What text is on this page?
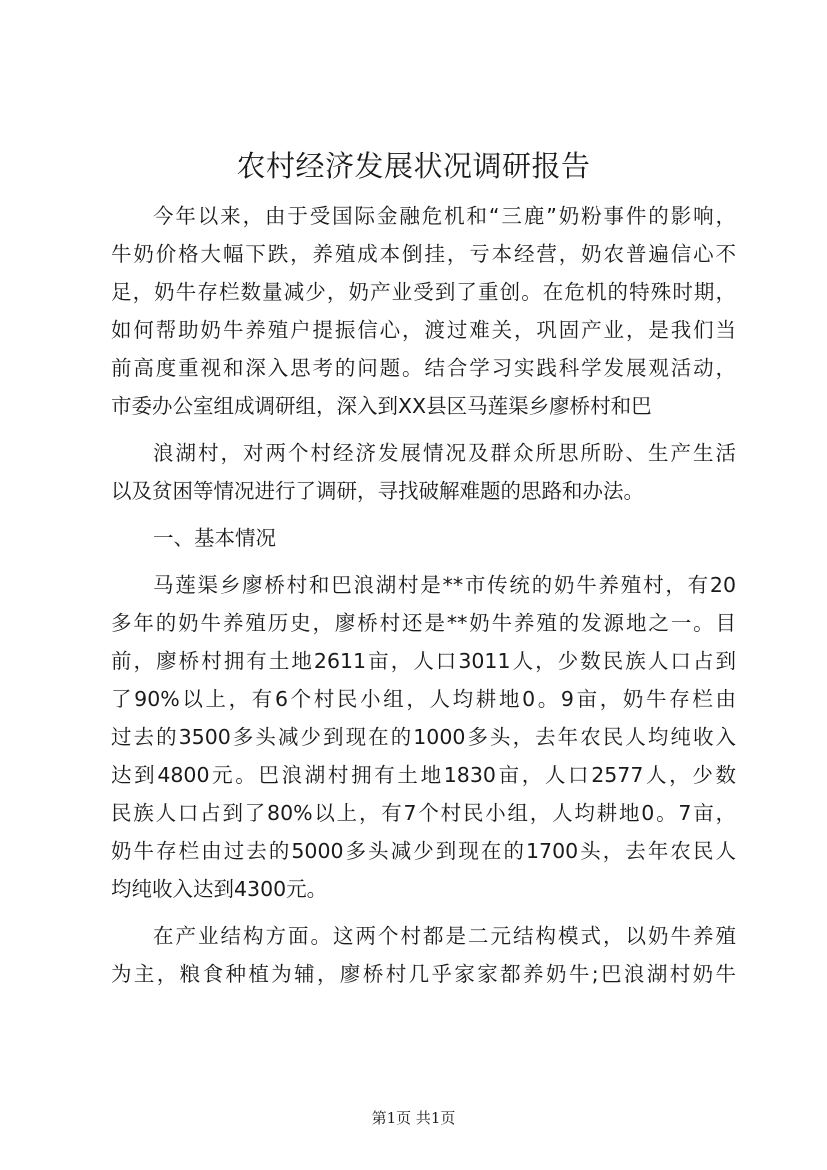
农村经济发展状况调研报告
今年以来，由于受国际金融危机和“三鹿”奶粉事件的影响，
牛奶价格大幅下跌，养殖成本倒挂，亏本经营，奶农普遍信心不
足，奶牛存栏数量减少，奶产业受到了重创。在危机的特殊时期，
如何帮助奶牛养殖户提振信心，渡过难关，巩固产业，是我们当
前高度重视和深入思考的问题。结合学习实践科学发展观活动，
市委办公室组成调研组，深入到XX县区马莲渠乡廖桥村和巴
浪湖村，对两个村经济发展情况及群众所思所盼、生产生活
以及贫困等情况进行了调研，寻找破解难题的思路和办法。
一、基本情况
马莲渠乡廖桥村和巴浪湖村是**市传统的奶牛养殖村，有20
多年的奶牛养殖历史，廖桥村还是**奶牛养殖的发源地之一。目
前，廖桥村拥有土地2611亩，人口3011人，少数民族人口占到
了90%以上，有6个村民小组，人均耕地0。9亩，奶牛存栏由
过去的3500多头减少到现在的1000多头，去年农民人均纯收入
达到4800元。巴浪湖村拥有土地1830亩，人口2577人，少数
民族人口占到了80%以上，有7个村民小组，人均耕地0。7亩，
奶牛存栏由过去的5000多头减少到现在的1700头，去年农民人
均纯收入达到4300元。
在产业结构方面。这两个村都是二元结构模式，以奶牛养殖
为主，粮食种植为辅，廖桥村几乎家家都养奶牛;巴浪湖村奶牛
第1页 共1页
